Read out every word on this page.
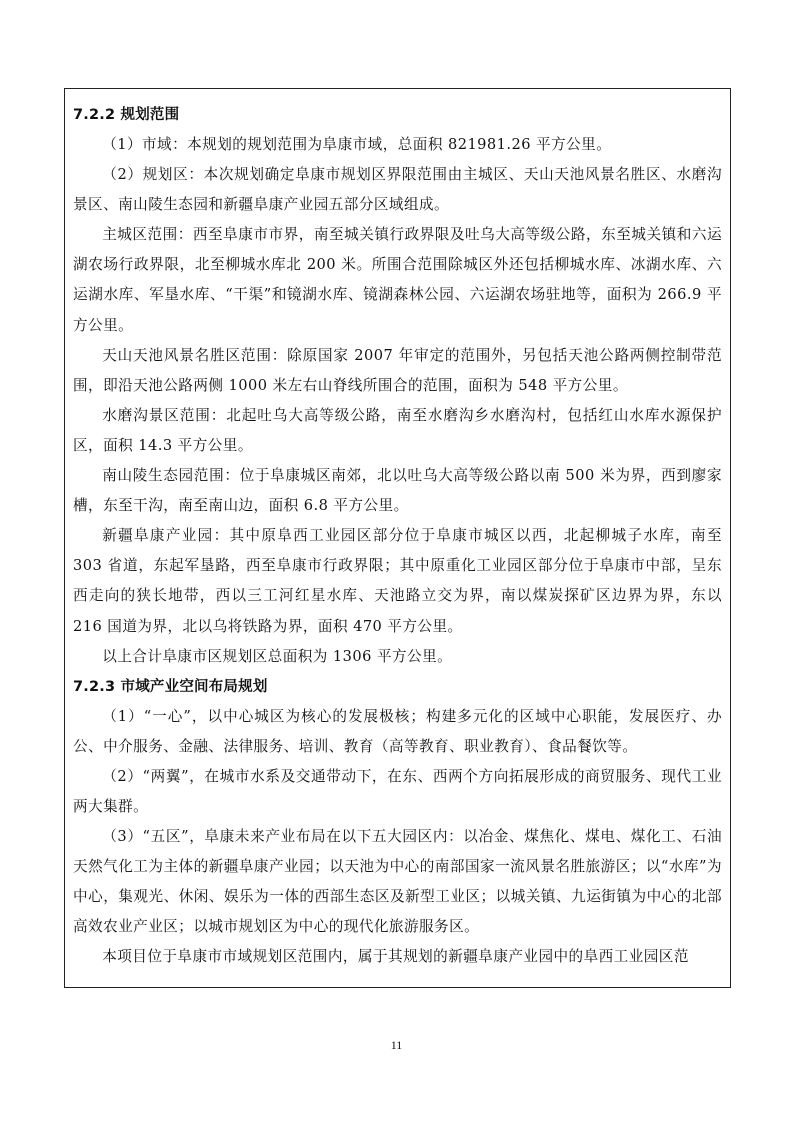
7.2.2 规划范围

（1）市域：本规划的规划范围为阜康市域，总面积 821981.26 平方公里。

（2）规划区：本次规划确定阜康市规划区界限范围由主城区、天山天池风景名胜区、水磨沟景区、南山陵生态园和新疆阜康产业园五部分区域组成。

主城区范围：西至阜康市市界，南至城关镇行政界限及吐乌大高等级公路，东至城关镇和六运湖农场行政界限，北至柳城水库北 200 米。所围合范围除城区外还包括柳城水库、冰湖水库、六运湖水库、军垦水库、“干渠”和镜湖水库、镜湖森林公园、六运湖农场驻地等，面积为 266.9 平方公里。

天山天池风景名胜区范围：除原国家 2007 年审定的范围外，另包括天池公路两侧控制带范围，即沿天池公路两侧 1000 米左右山脊线所围合的范围，面积为 548 平方公里。

水磨沟景区范围：北起吐乌大高等级公路，南至水磨沟乡水磨沟村，包括红山水库水源保护区，面积 14.3 平方公里。

南山陵生态园范围：位于阜康城区南郊，北以吐乌大高等级公路以南 500 米为界，西到廖家槽，东至干沟，南至南山边，面积 6.8 平方公里。

新疆阜康产业园：其中原阜西工业园区部分位于阜康市城区以西，北起柳城子水库，南至 303 省道，东起军垦路，西至阜康市行政界限；其中原重化工业园区部分位于阜康市中部，呈东西走向的狭长地带，西以三工河红星水库、天池路立交为界，南以煤炭探矿区边界为界，东以 216 国道为界，北以乌将铁路为界，面积 470 平方公里。

以上合计阜康市区规划区总面积为 1306 平方公里。

7.2.3 市域产业空间布局规划

（1）“一心”，以中心城区为核心的发展极核；构建多元化的区域中心职能，发展医疗、办公、中介服务、金融、法律服务、培训、教育（高等教育、职业教育）、食品餐饮等。

（2）“两翼”，在城市水系及交通带动下，在东、西两个方向拓展形成的商贸服务、现代工业两大集群。

（3）“五区”，阜康未来产业布局在以下五大园区内：以冶金、煤焦化、煤电、煤化工、石油天然气化工为主体的新疆阜康产业园；以天池为中心的南部国家一流风景名胜旅游区；以“水库”为中心，集观光、休闲、娱乐为一体的西部生态区及新型工业区；以城关镇、九运街镇为中心的北部高效农业产业区；以城市规划区为中心的现代化旅游服务区。

本项目位于阜康市市域规划区范围内，属于其规划的新疆阜康产业园中的阜西工业园区范

11
